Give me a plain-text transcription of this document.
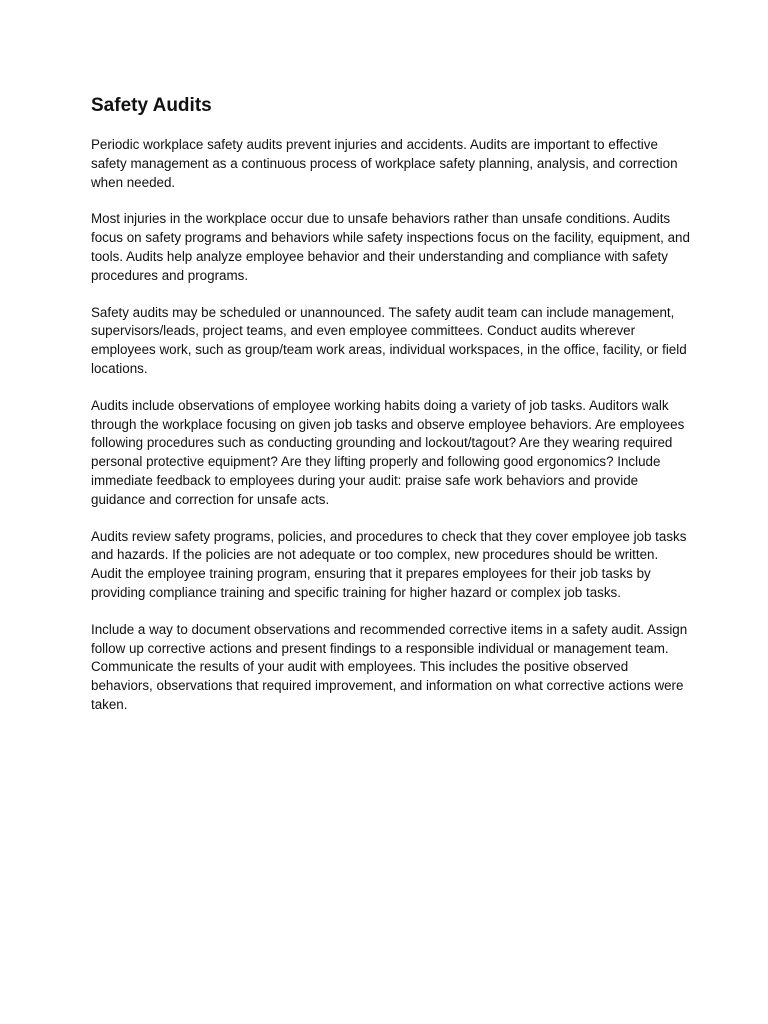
Safety Audits

Periodic workplace safety audits prevent injuries and accidents. Audits are important to effective safety management as a continuous process of workplace safety planning, analysis, and correction when needed.

Most injuries in the workplace occur due to unsafe behaviors rather than unsafe conditions. Audits focus on safety programs and behaviors while safety inspections focus on the facility, equipment, and tools. Audits help analyze employee behavior and their understanding and compliance with safety procedures and programs.

Safety audits may be scheduled or unannounced. The safety audit team can include management, supervisors/leads, project teams, and even employee committees. Conduct audits wherever employees work, such as group/team work areas, individual workspaces, in the office, facility, or field locations.

Audits include observations of employee working habits doing a variety of job tasks. Auditors walk through the workplace focusing on given job tasks and observe employee behaviors. Are employees following procedures such as conducting grounding and lockout/tagout? Are they wearing required personal protective equipment? Are they lifting properly and following good ergonomics? Include immediate feedback to employees during your audit: praise safe work behaviors and provide guidance and correction for unsafe acts.

Audits review safety programs, policies, and procedures to check that they cover employee job tasks and hazards. If the policies are not adequate or too complex, new procedures should be written. Audit the employee training program, ensuring that it prepares employees for their job tasks by providing compliance training and specific training for higher hazard or complex job tasks.

Include a way to document observations and recommended corrective items in a safety audit. Assign follow up corrective actions and present findings to a responsible individual or management team. Communicate the results of your audit with employees. This includes the positive observed behaviors, observations that required improvement, and information on what corrective actions were taken.
